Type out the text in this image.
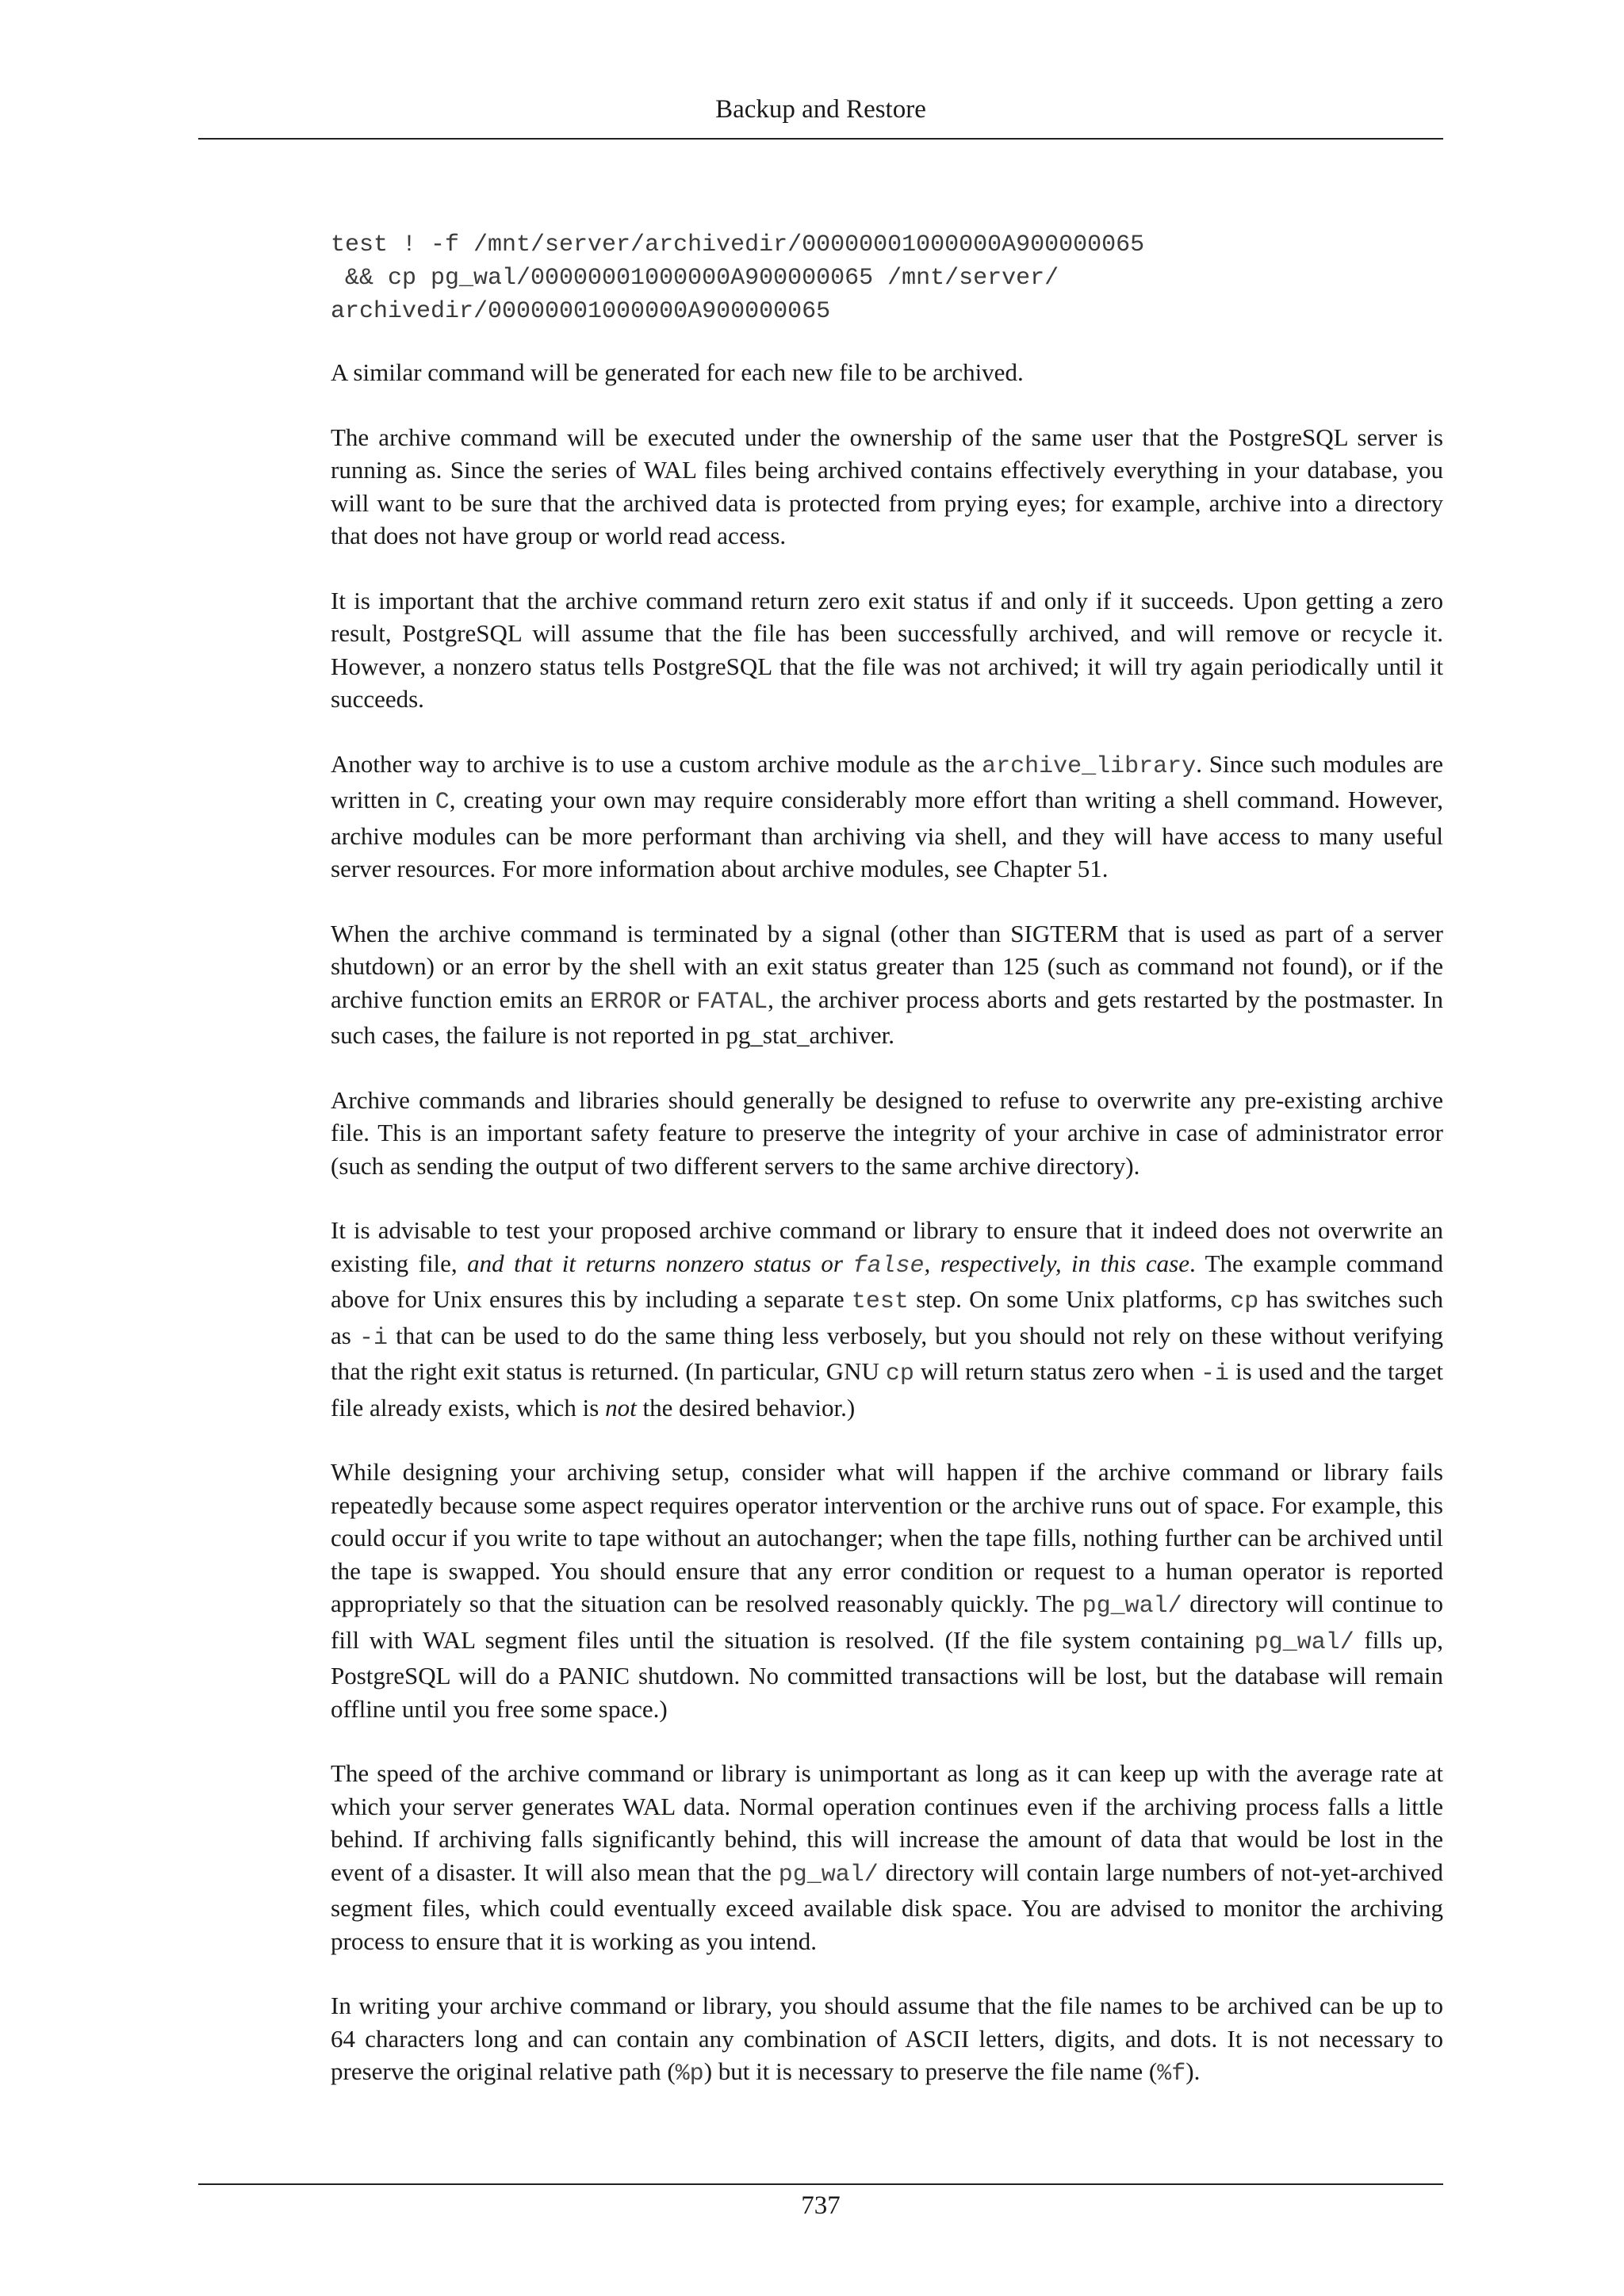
Backup and Restore
test ! -f /mnt/server/archivedir/00000001000000A900000065
&& cp pg_wal/00000001000000A900000065 /mnt/server/
archivedir/00000001000000A900000065

A similar command will be generated for each new file to be archived.

The archive command will be executed under the ownership of the same user that the PostgreSQL server is running as. Since the series of WAL files being archived contains effectively everything in your database, you will want to be sure that the archived data is protected from prying eyes; for example, archive into a directory that does not have group or world read access.

It is important that the archive command return zero exit status if and only if it succeeds. Upon getting a zero result, PostgreSQL will assume that the file has been successfully archived, and will remove or recycle it. However, a nonzero status tells PostgreSQL that the file was not archived; it will try again periodically until it succeeds.

Another way to archive is to use a custom archive module as the archive_library. Since such modules are written in C, creating your own may require considerably more effort than writing a shell command. However, archive modules can be more performant than archiving via shell, and they will have access to many useful server resources. For more information about archive modules, see Chapter 51.

When the archive command is terminated by a signal (other than SIGTERM that is used as part of a server shutdown) or an error by the shell with an exit status greater than 125 (such as command not found), or if the archive function emits an ERROR or FATAL, the archiver process aborts and gets restarted by the postmaster. In such cases, the failure is not reported in pg_stat_archiver.

Archive commands and libraries should generally be designed to refuse to overwrite any pre-existing archive file. This is an important safety feature to preserve the integrity of your archive in case of administrator error (such as sending the output of two different servers to the same archive directory).

It is advisable to test your proposed archive command or library to ensure that it indeed does not overwrite an existing file, and that it returns nonzero status or false, respectively, in this case. The example command above for Unix ensures this by including a separate test step. On some Unix platforms, cp has switches such as -i that can be used to do the same thing less verbosely, but you should not rely on these without verifying that the right exit status is returned. (In particular, GNU cp will return status zero when -i is used and the target file already exists, which is not the desired behavior.)

While designing your archiving setup, consider what will happen if the archive command or library fails repeatedly because some aspect requires operator intervention or the archive runs out of space. For example, this could occur if you write to tape without an autochanger; when the tape fills, nothing further can be archived until the tape is swapped. You should ensure that any error condition or request to a human operator is reported appropriately so that the situation can be resolved reasonably quickly. The pg_wal/ directory will continue to fill with WAL segment files until the situation is resolved. (If the file system containing pg_wal/ fills up, PostgreSQL will do a PANIC shutdown. No committed transactions will be lost, but the database will remain offline until you free some space.)

The speed of the archive command or library is unimportant as long as it can keep up with the average rate at which your server generates WAL data. Normal operation continues even if the archiving process falls a little behind. If archiving falls significantly behind, this will increase the amount of data that would be lost in the event of a disaster. It will also mean that the pg_wal/ directory will contain large numbers of not-yet-archived segment files, which could eventually exceed available disk space. You are advised to monitor the archiving process to ensure that it is working as you intend.

In writing your archive command or library, you should assume that the file names to be archived can be up to 64 characters long and can contain any combination of ASCII letters, digits, and dots. It is not necessary to preserve the original relative path (%p) but it is necessary to preserve the file name (%f).

737
